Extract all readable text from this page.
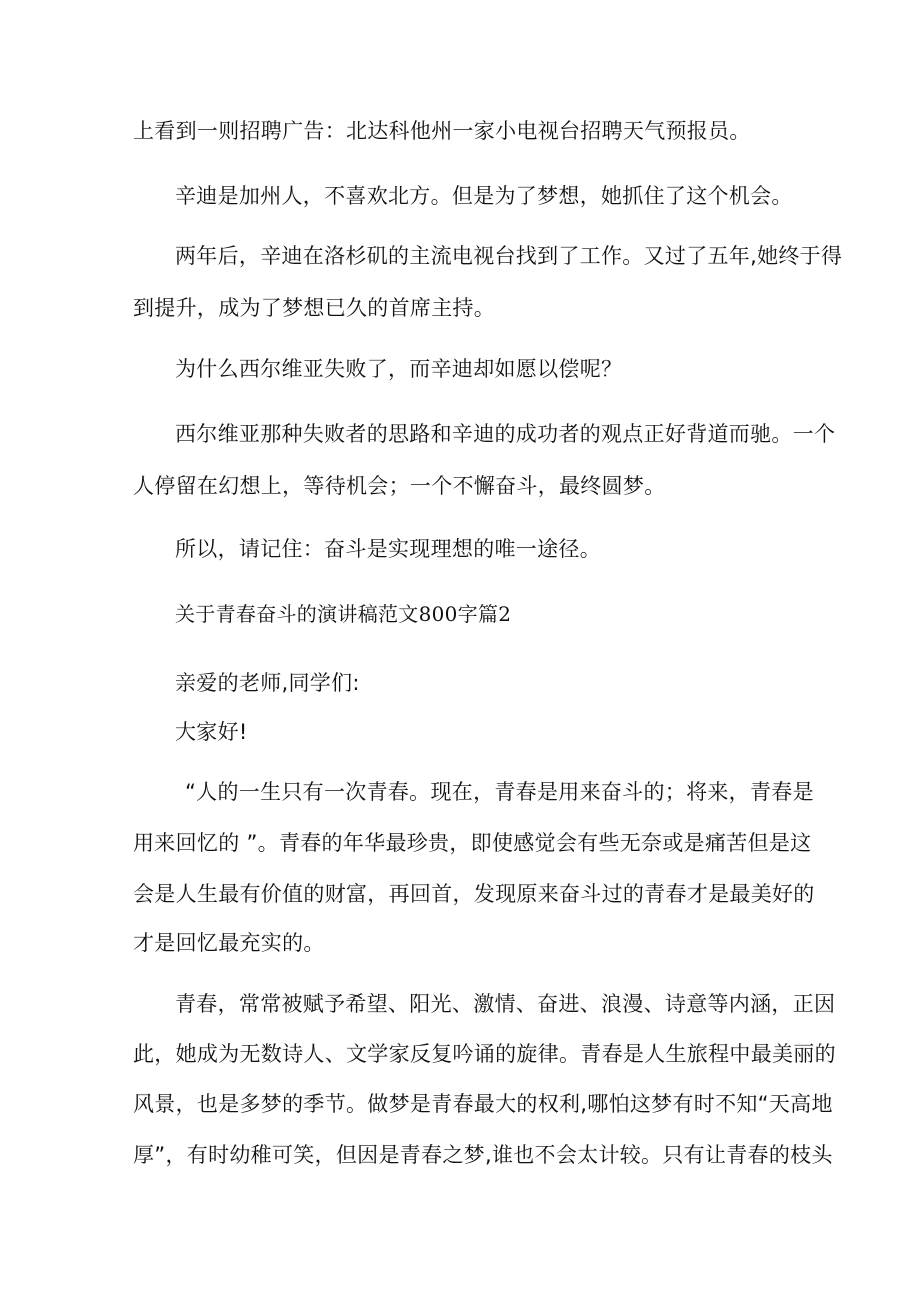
上看到一则招聘广告：北达科他州一家小电视台招聘天气预报员。
辛迪是加州人，不喜欢北方。但是为了梦想，她抓住了这个机会。
两年后，辛迪在洛杉矶的主流电视台找到了工作。又过了五年,她终于得
到提升，成为了梦想已久的首席主持。
为什么西尔维亚失败了，而辛迪却如愿以偿呢？
西尔维亚那种失败者的思路和辛迪的成功者的观点正好背道而驰。一个
人停留在幻想上，等待机会；一个不懈奋斗，最终圆梦。
所以，请记住：奋斗是实现理想的唯一途径。
关于青春奋斗的演讲稿范文800字篇2
亲爱的老师,同学们:
大家好!
“人的一生只有一次青春。现在，青春是用来奋斗的；将来，青春是
用来回忆的 ”。青春的年华最珍贵，即使感觉会有些无奈或是痛苦但是这
会是人生最有价值的财富，再回首，发现原来奋斗过的青春才是最美好的
才是回忆最充实的。
青春，常常被赋予希望、阳光、激情、奋进、浪漫、诗意等内涵，正因
此，她成为无数诗人、文学家反复吟诵的旋律。青春是人生旅程中最美丽的
风景，也是多梦的季节。做梦是青春最大的权利,哪怕这梦有时不知“天高地
厚”，有时幼稚可笑，但因是青春之梦,谁也不会太计较。只有让青春的枝头
